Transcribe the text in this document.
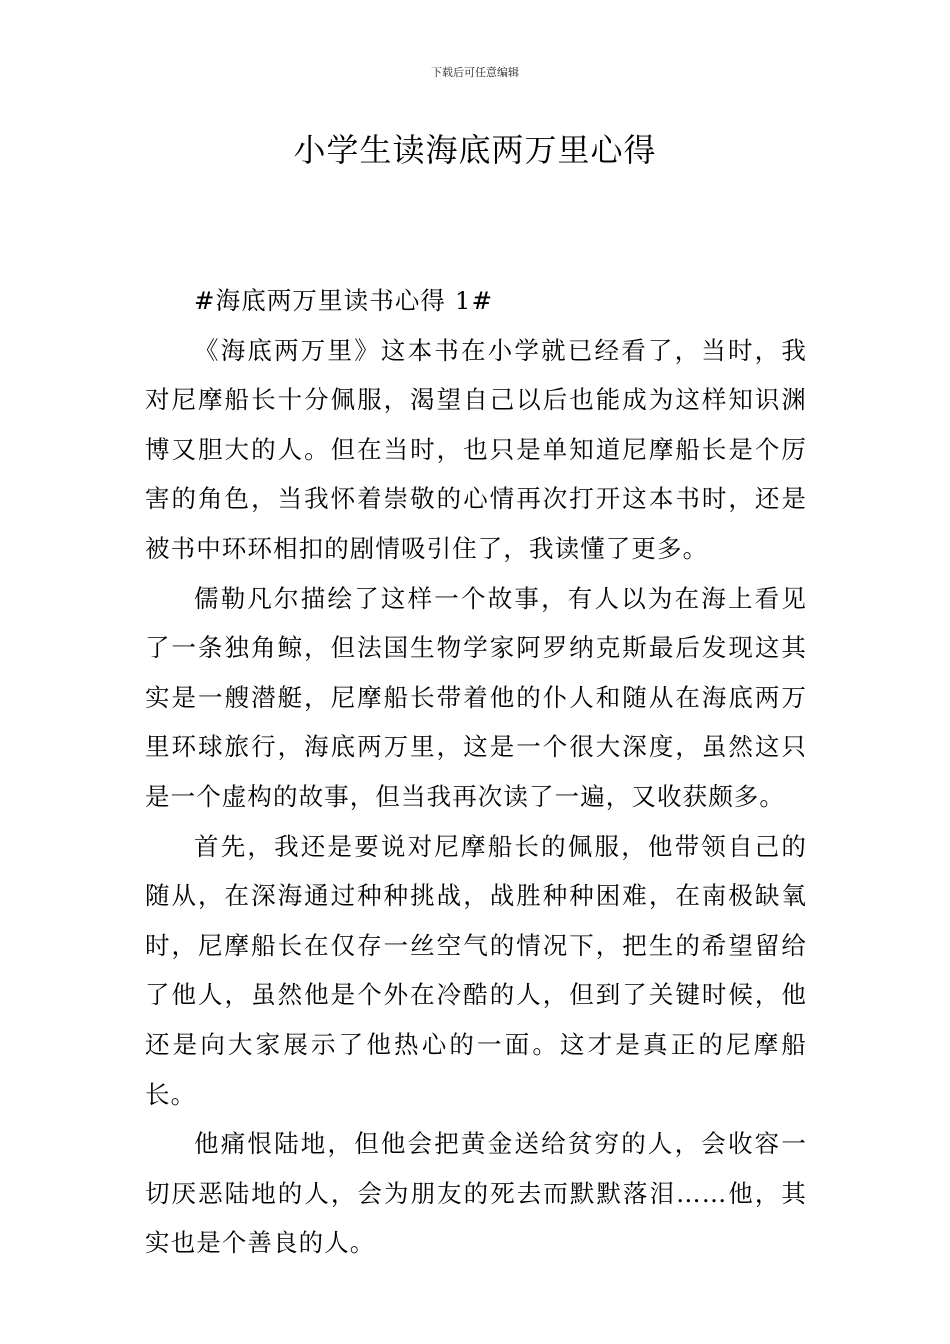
下载后可任意编辑
小学生读海底两万里心得

#海底两万里读书心得 1#

《海底两万里》这本书在小学就已经看了，当时，我对尼摩船长十分佩服，渴望自己以后也能成为这样知识渊博又胆大的人。但在当时，也只是单知道尼摩船长是个厉害的角色，当我怀着崇敬的心情再次打开这本书时，还是被书中环环相扣的剧情吸引住了，我读懂了更多。

儒勒凡尔描绘了这样一个故事，有人以为在海上看见了一条独角鲸，但法国生物学家阿罗纳克斯最后发现这其实是一艘潜艇，尼摩船长带着他的仆人和随从在海底两万里环球旅行，海底两万里，这是一个很大深度，虽然这只是一个虚构的故事，但当我再次读了一遍，又收获颇多。

首先，我还是要说对尼摩船长的佩服，他带领自己的随从，在深海通过种种挑战，战胜种种困难，在南极缺氧时，尼摩船长在仅存一丝空气的情况下，把生的希望留给了他人，虽然他是个外在冷酷的人，但到了关键时候，他还是向大家展示了他热心的一面。这才是真正的尼摩船长。

他痛恨陆地，但他会把黄金送给贫穷的人，会收容一切厌恶陆地的人，会为朋友的死去而默默落泪……他，其实也是个善良的人。
